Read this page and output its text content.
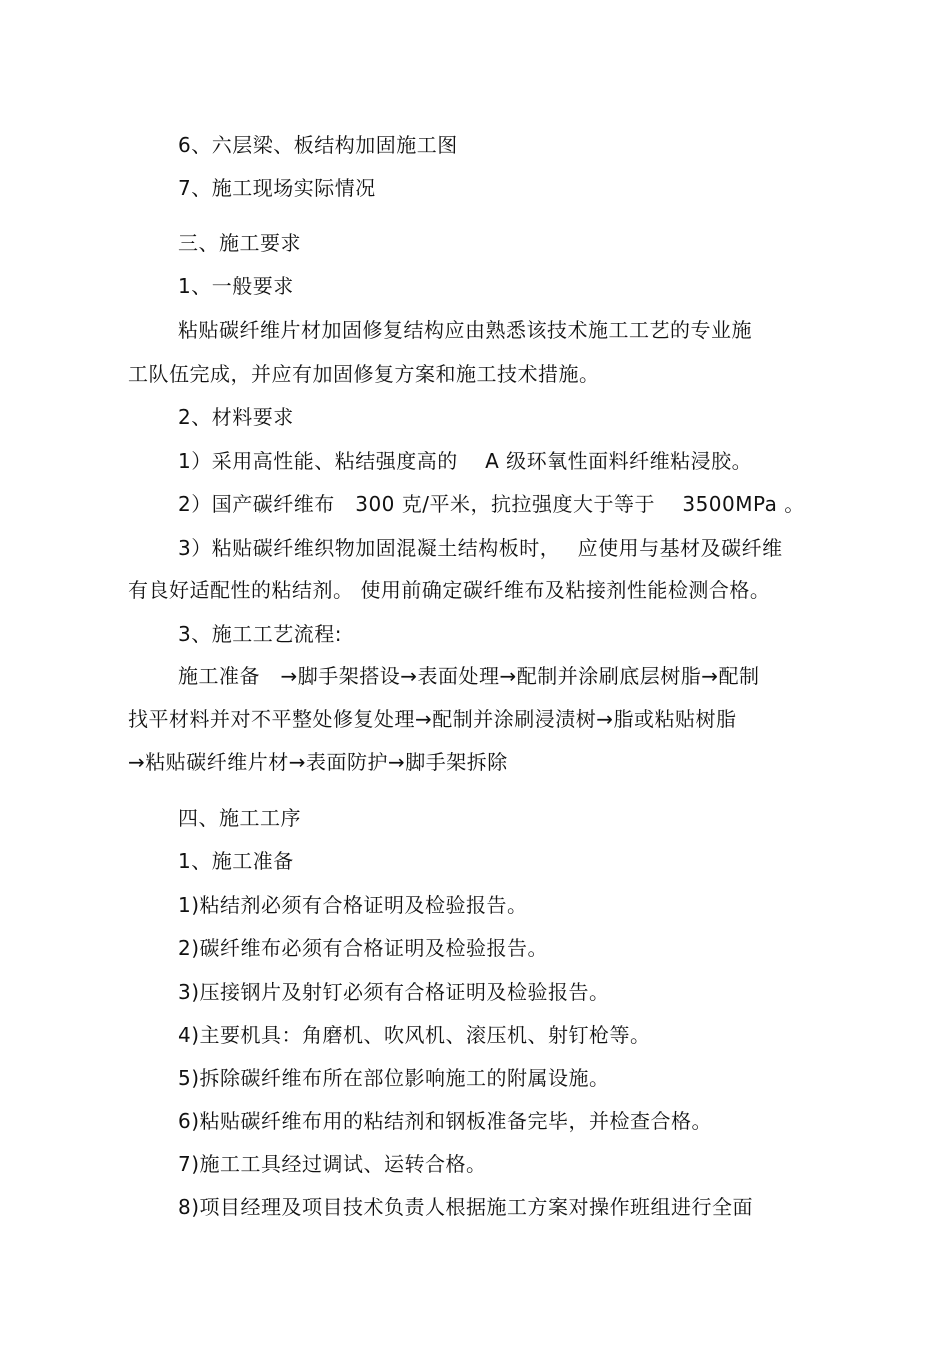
6、六层梁、板结构加固施工图
7、施工现场实际情况
三、施工要求
1、一般要求
粘贴碳纤维片材加固修复结构应由熟悉该技术施工工艺的专业施
工队伍完成，并应有加固修复方案和施工技术措施。
2、材料要求
1）采用高性能、粘结强度高的　 A 级环氧性面料纤维粘浸胶。
2）国产碳纤维布　300 克/平米，抗拉强度大于等于　 3500MPa 。
3）粘贴碳纤维织物加固混凝土结构板时，　 应使用与基材及碳纤维
有良好适配性的粘结剂。 使用前确定碳纤维布及粘接剂性能检测合格。
3、施工工艺流程:
施工准备　→脚手架搭设→表面处理→配制并涂刷底层树脂→配制
找平材料并对不平整处修复处理→配制并涂刷浸渍树→脂或粘贴树脂
→粘贴碳纤维片材→表面防护→脚手架拆除
四、施工工序
1、施工准备
1)粘结剂必须有合格证明及检验报告。
2)碳纤维布必须有合格证明及检验报告。
3)压接钢片及射钉必须有合格证明及检验报告。
4)主要机具：角磨机、吹风机、滚压机、射钉枪等。
5)拆除碳纤维布所在部位影响施工的附属设施。
6)粘贴碳纤维布用的粘结剂和钢板准备完毕，并检查合格。
7)施工工具经过调试、运转合格。
8)项目经理及项目技术负责人根据施工方案对操作班组进行全面
